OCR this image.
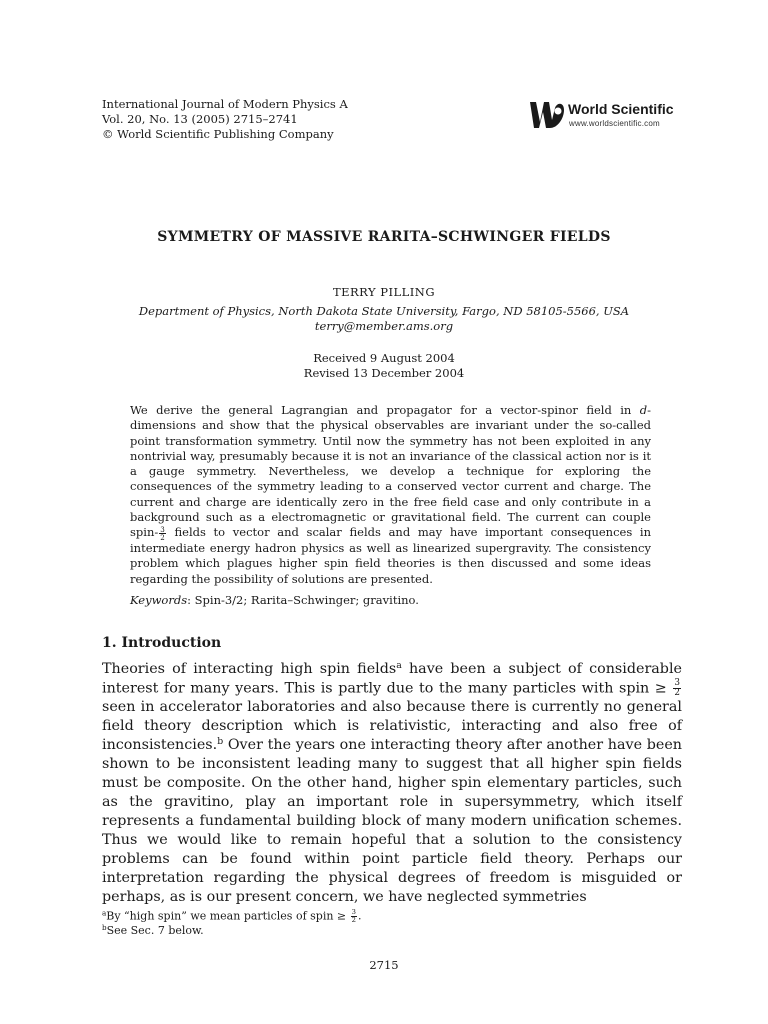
International Journal of Modern Physics A
Vol. 20, No. 13 (2005) 2715–2741
© World Scientific Publishing Company
World Scientific
www.worldscientific.com
SYMMETRY OF MASSIVE RARITA–SCHWINGER FIELDS
TERRY PILLING
Department of Physics, North Dakota State University, Fargo, ND 58105-5566, USA
terry@member.ams.org
Received 9 August 2004
Revised 13 December 2004
We derive the general Lagrangian and propagator for a vector-spinor field in d-dimensions and show that the physical observables are invariant under the so-called point transformation symmetry. Until now the symmetry has not been exploited in any nontrivial way, presumably because it is not an invariance of the classical action nor is it a gauge symmetry. Nevertheless, we develop a technique for exploring the consequences of the symmetry leading to a conserved vector current and charge. The current and charge are identically zero in the free field case and only contribute in a background such as a electromagnetic or gravitational field. The current can couple spin- $\frac{3}{2}$ fields to vector and scalar fields and may have important consequences in intermediate energy hadron physics as well as linearized supergravity. The consistency problem which plagues higher spin field theories is then discussed and some ideas regarding the possibility of solutions are presented.
Keywords: Spin-3/2; Rarita–Schwinger; gravitino.
1. Introduction
Theories of interacting high spin fields$^a$ have been a subject of considerable interest for many years. This is partly due to the many particles with spin ≥ $\frac{3}{2}$
seen in accelerator laboratories and also because there is currently no general field theory description which is relativistic, interacting and also free of inconsistencies.$^b$ Over the years one interacting theory after another have been shown to be inconsistent leading many to suggest that all higher spin fields must be composite. On the other hand, higher spin elementary particles, such as the gravitino, play an important role in supersymmetry, which itself represents a fundamental building block of many modern unification schemes. Thus we would like to remain hopeful that a solution to the consistency problems can be found within point particle field theory. Perhaps our interpretation regarding the physical degrees of freedom is misguided or perhaps, as is our present concern, we have neglected symmetries
$^a$By “high spin” we mean particles of spin ≥ $\frac{3}{2}$ .
$^b$See Sec. 7 below.
2715
